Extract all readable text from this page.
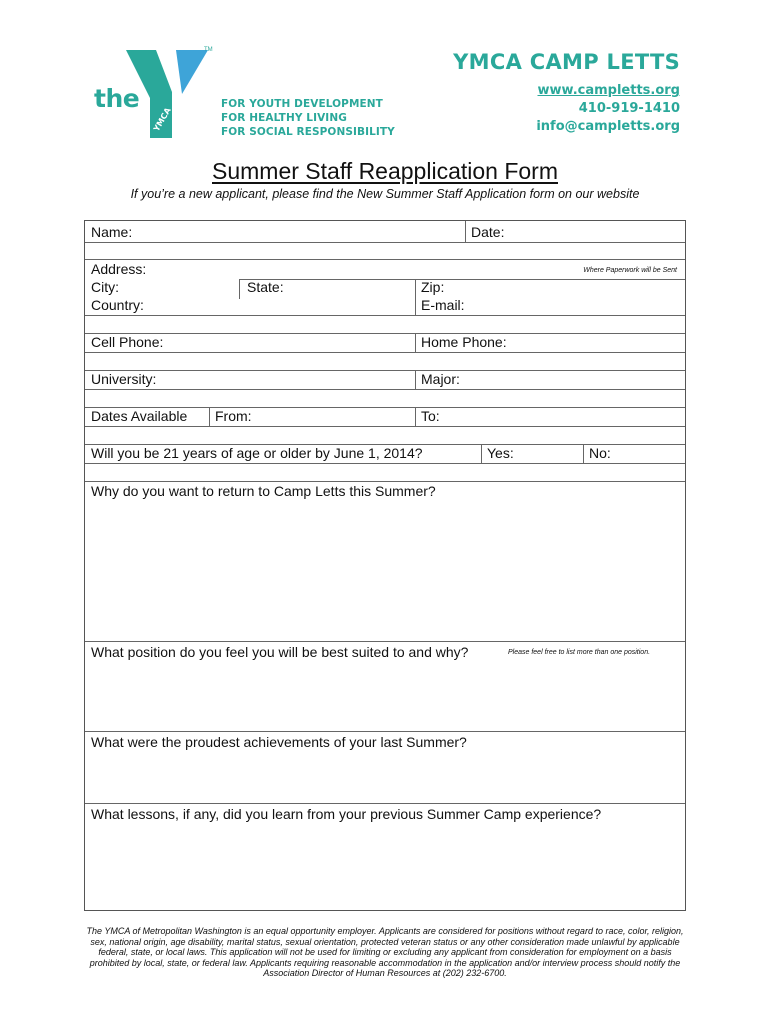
YMCA
TM
the	FOR YOUTH DEVELOPMENT
FOR HEALTHY LIVING
FOR SOCIAL RESPONSIBILITY
YMCA CAMP LETTS
www.campletts.org
410-919-1410
info@campletts.org
Summer Staff Reapplication Form
If you’re a new applicant, please find the New Summer Staff Application form on our website
Name:	Date:
Address:	Where Paperwork will be Sent
City:	State:	Zip:
Country:	E-mail:
Cell Phone:	Home Phone:
University:	Major:
Dates Available From:	To:
Will you be 21 years of age or older by June 1, 2014?	Yes:	No:
Why do you want to return to Camp Letts this Summer?
What position do you feel you will be best suited to and why?	Please feel free to list more than one position.
What were the proudest achievements of your last Summer?
What lessons, if any, did you learn from your previous Summer Camp experience?
The YMCA of Metropolitan Washington is an equal opportunity employer. Applicants are considered for positions without regard to race, color, religion,
sex, national origin, age disability, marital status, sexual orientation, protected veteran status or any other consideration made unlawful by applicable
federal, state, or local laws. This application will not be used for limiting or excluding any applicant from consideration for employment on a basis
prohibited by local, state, or federal law. Applicants requiring reasonable accommodation in the application and/or interview process should notify the
Association Director of Human Resources at (202) 232-6700.
